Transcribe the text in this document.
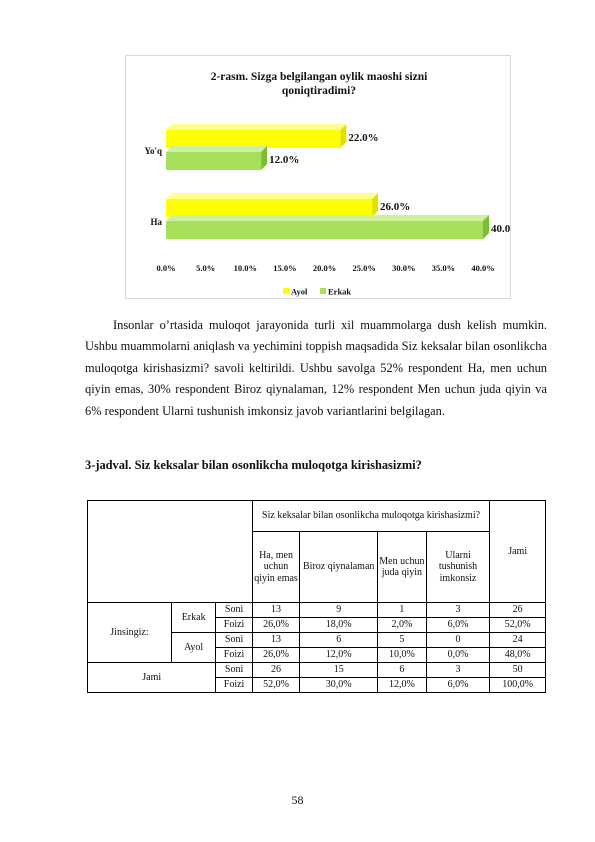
2-rasm. Sizga belgilangan oylik maoshi sizni
qoniqtiradimi?
22.0%
12.0%
Yo'q
26.0%
40.0
Ha
0.0% 5.0% 10.0% 15.0% 20.0% 25.0% 30.0% 35.0% 40.0%
Ayol Erkak

Insonlar o’rtasida muloqot jarayonida turli xil muammolarga dush kelish mumkin. Ushbu muammolarni aniqlash va yechimini toppish maqsadida Siz keksalar bilan osonlikcha muloqotga kirishasizmi? savoli keltirildi. Ushbu savolga 52% respondent Ha, men uchun qiyin emas, 30% respondent Biroz qiynalaman, 12% respondent Men uchun juda qiyin va 6% respondent Ularni tushunish imkonsiz javob variantlarini belgilagan.

3-jadval. Siz keksalar bilan osonlikcha muloqotga kirishasizmi?

			Siz keksalar bilan osonlikcha muloqotga kirishasizmi?				Jami
			Ha, men uchun qiyin emas	Biroz qiynalaman	Men uchun juda qiyin	Ularni tushunish imkonsiz	
Jinsingiz:	Erkak	Soni	13	9	1	3	26
		Foizi	26,0%	18,0%	2,0%	6,0%	52,0%
	Ayol	Soni	13	6	5	0	24
		Foizi	26,0%	12,0%	10,0%	0,0%	48,0%
Jami		Soni	26	15	6	3	50
		Foizi	52,0%	30,0%	12,0%	6,0%	100,0%
58
